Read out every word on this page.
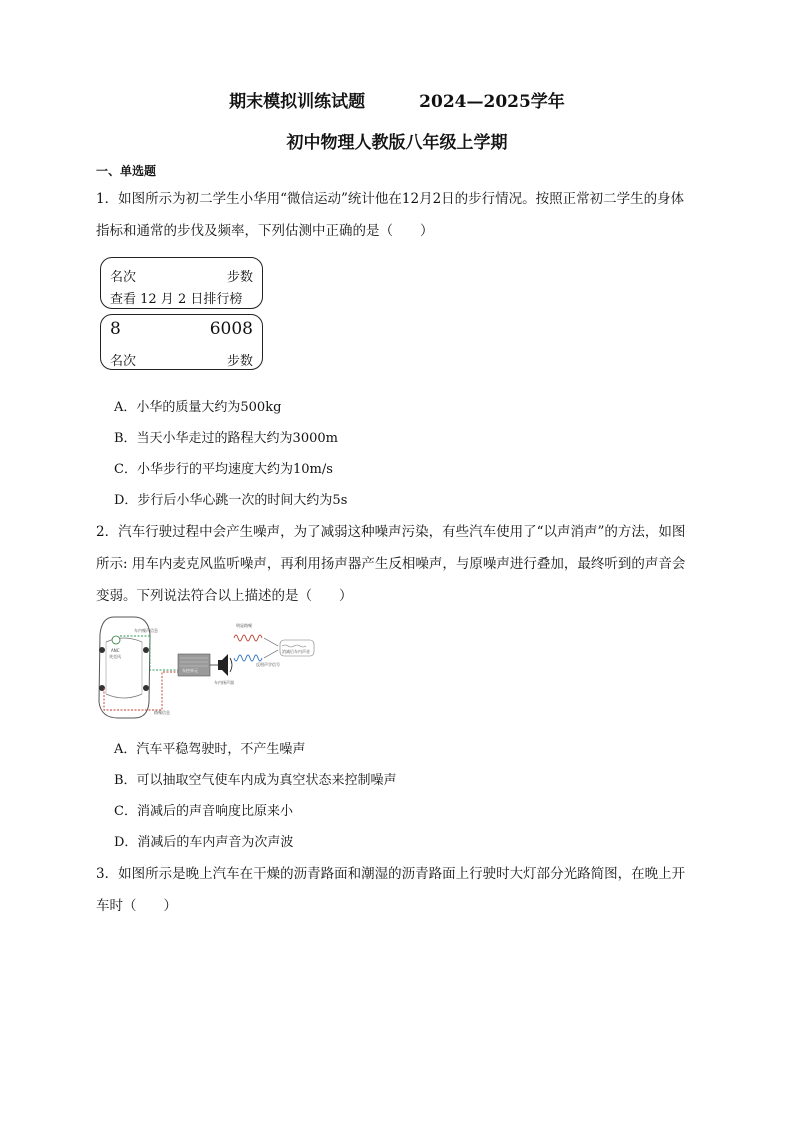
期末模拟训练试题	2024—2025学年
初中物理人教版八年级上学期
一、单选题
1．如图所示为初二学生小华用“微信运动”统计他在12月2日的步行情况。按照正常初二学生的身体
指标和通常的步伐及频率，下列估测中正确的是（　　）
名次	步数
查看 12 月 2 日排行榜
8	6008
名次	步数
A．小华的质量大约为500kg
B．当天小华走过的路程大约为3000m
C．小华步行的平均速度大约为10m/s
D．步行后小华心跳一次的时间大约为5s
2．汽车行驶过程中会产生噪声，为了减弱这种噪声污染，有些汽车使用了“以声消声”的方法，如图
所示: 用车内麦克风监听噪声，再利用扬声器产生反相噪声，与原噪声进行叠加，最终听到的声音会
变弱。下列说法符合以上描述的是（　　）
ANC
麦克风
车内噪声信息
路噪信息
车控单元
车内扬声器
明显路噪
反相声学信号
消减后车内声音
A．汽车平稳驾驶时，不产生噪声
B．可以抽取空气使车内成为真空状态来控制噪声
C．消减后的声音响度比原来小
D．消减后的车内声音为次声波
3．如图所示是晚上汽车在干燥的沥青路面和潮湿的沥青路面上行驶时大灯部分光路简图，在晚上开
车时（　　）
